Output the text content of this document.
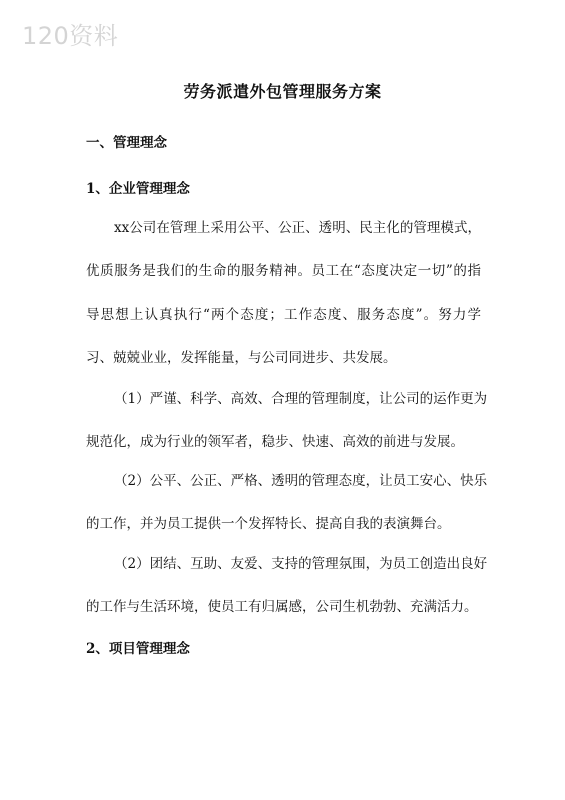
120资料
劳务派遣外包管理服务方案
一、管理理念
1、企业管理理念
xx公司在管理上采用公平、公正、透明、民主化的管理模式，
优质服务是我们的生命的服务精神。员工在“态度决定一切”的指
导思想上认真执行“两个态度；工作态度、服务态度”。努力学
习、兢兢业业，发挥能量，与公司同进步、共发展。
（1）严谨、科学、高效、合理的管理制度，让公司的运作更为
规范化，成为行业的领军者，稳步、快速、高效的前进与发展。
（2）公平、公正、严格、透明的管理态度，让员工安心、快乐
的工作，并为员工提供一个发挥特长、提高自我的表演舞台。
（2）团结、互助、友爱、支持的管理氛围，为员工创造出良好
的工作与生活环境，使员工有归属感，公司生机勃勃、充满活力。
2、项目管理理念
